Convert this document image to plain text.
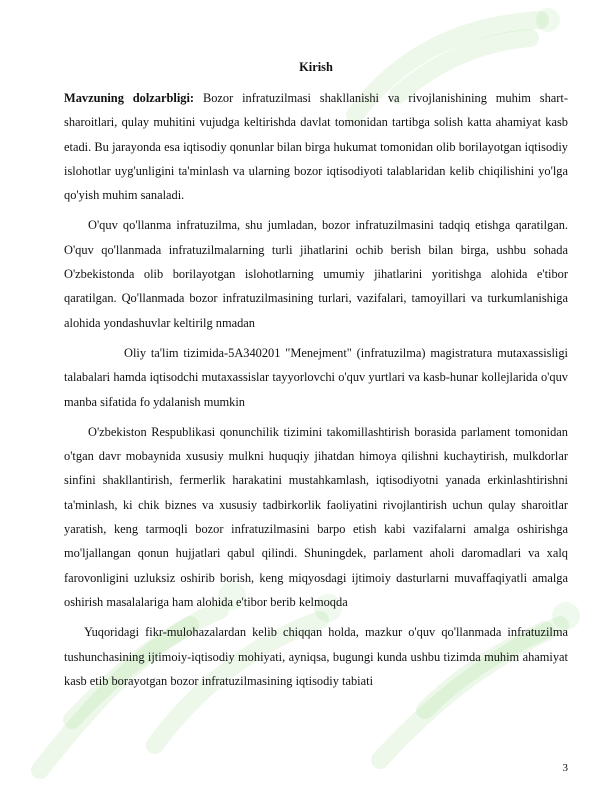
Kirish

Mavzuning dolzarbligi: Bozor infratuzilmasi shakllanishi va rivojlanishining muhim shart- sharoitlari, qulay muhitini vujudga keltirishda davlat tomonidan tartibga solish katta ahamiyat kasb etadi. Bu jarayonda esa iqtisodiy qonunlar bilan birga hukumat tomonidan olib borilayotgan iqtisodiy islohotlar uyg'unligini ta'minlash va ularning bozor iqtisodiyoti talablaridan kelib chiqilishini yo'lga qo'yish muhim sanaladi.

O'quv qo'llanma infratuzilma, shu jumladan, bozor infratuzilmasini tadqiq etishga qaratilgan. O'quv qo'llanmada infratuzilmalarning turli jihatlarini ochib berish bilan birga, ushbu sohada O'zbekistonda olib borilayotgan islohotlarning umumiy jihatlarini yoritishga alohida e'tibor qaratilgan. Qo'llanmada bozor infratuzilmasining turlari, vazifalari, tamoyillari va turkumlanishiga alohida yondashuvlar keltirilg nmadan

Oliy ta'lim tizimida-5A340201 "Menejment" (infratuzilma) magistratura mutaxassisligi talabalari hamda iqtisodchi mutaxassislar tayyorlovchi o'quv yurtlari va kasb-hunar kollejlarida o'quv manba sifatida fo ydalanish mumkin

O'zbekiston Respublikasi qonunchilik tizimini takomillashtirish borasida parlament tomonidan o'tgan davr mobaynida xususiy mulkni huquqiy jihatdan himoya qilishni kuchaytirish, mulkdorlar sinfini shakllantirish, fermerlik harakatini mustahkamlash, iqtisodiyotni yanada erkinlashtirishni ta'minlash, ki chik biznes va xususiy tadbirkorlik faoliyatini rivojlantirish uchun qulay sharoitlar yaratish, keng tarmoqli bozor infratuzilmasini barpo etish kabi vazifalarni amalga oshirishga mo'ljallangan qonun hujjatlari qabul qilindi. Shuningdek, parlament aholi daromadlari va xalq farovonligini uzluksiz oshirib borish, keng miqyosdagi ijtimoiy dasturlarni muvaffaqiyatli amalga oshirish masalalariga ham alohida e'tibor berib kelmoqda

Yuqoridagi fikr-mulohazalardan kelib chiqqan holda, mazkur o'quv qo'llanmada infratuzilma tushunchasining ijtimoiy-iqtisodiy mohiyati, ayniqsa, bugungi kunda ushbu tizimda muhim ahamiyat kasb etib borayotgan bozor infratuzilmasining iqtisodiy tabiati

3
